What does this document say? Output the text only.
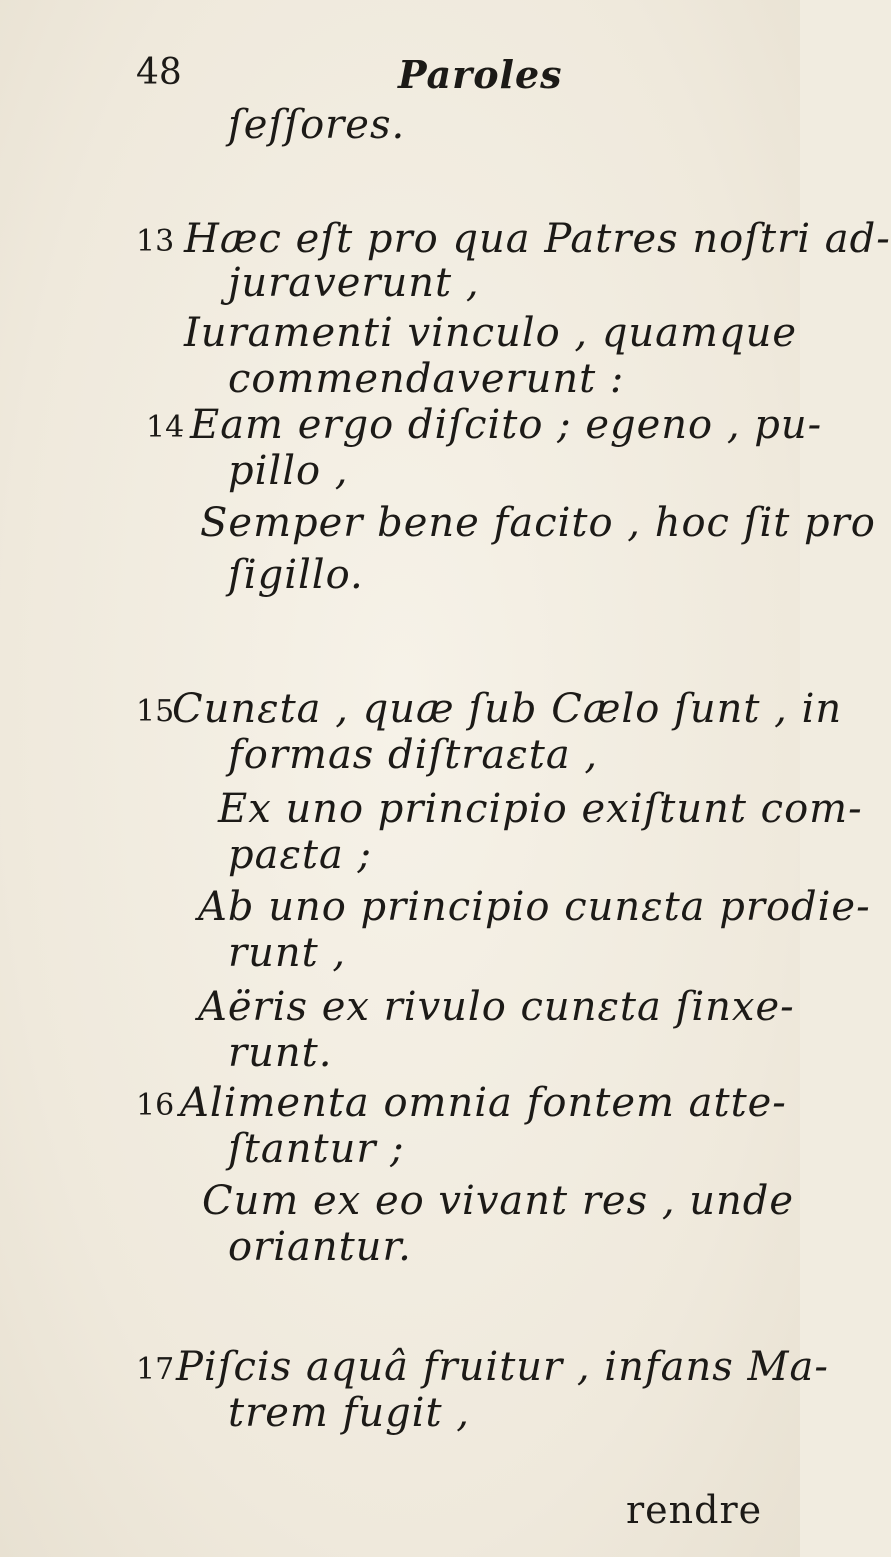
48	Paroles
ſeſſores.
13 Hæc eſt pro qua Patres noſtri ad-
juraverunt ,
Iuramenti vinculo , quamque
commendaverunt :
14 Eam ergo diſcito ; egeno , pu-
pillo ,
Semper bene facito , hoc ſit pro
ſigillo.
15
Cunɛta , quæ ſub Cælo ſunt , in
formas diſtraɛta ,
Ex uno principio exiſtunt com-
paɛta ;
Ab uno principio cunɛta prodie-
runt ,
Aëris ex rivulo cunɛta ſinxe-
runt.
16 Alimenta omnia fontem atte-
ſtantur ;
Cum ex eo vivant res , unde
oriantur.
17 Piſcis aquâ fruitur , infans Ma-
trem fugit ,
rendre
